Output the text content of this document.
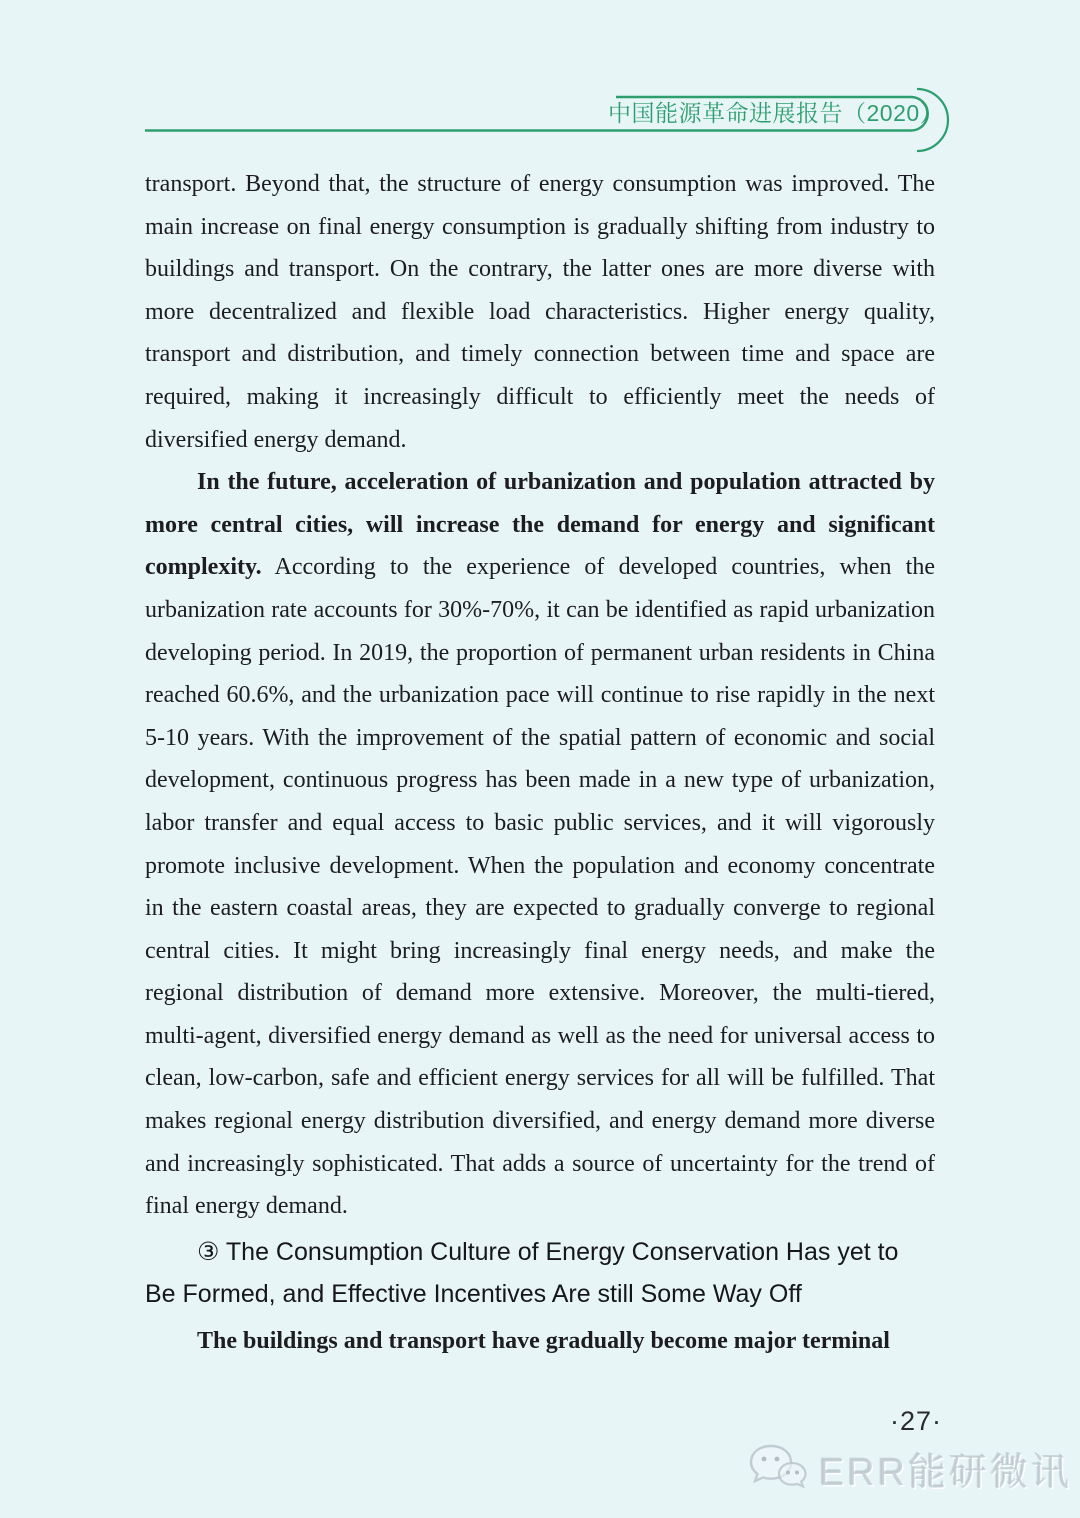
中国能源革命进展报告（2020）

transport. Beyond that, the structure of energy consumption was improved. The main increase on final energy consumption is gradually shifting from industry to buildings and transport. On the contrary, the latter ones are more diverse with more decentralized and flexible load characteristics. Higher energy quality, transport and distribution, and timely connection between time and space are required, making it increasingly difficult to efficiently meet the needs of diversified energy demand.

In the future, acceleration of urbanization and population attracted by more central cities, will increase the demand for energy and significant complexity. According to the experience of developed countries, when the urbanization rate accounts for 30%-70%, it can be identified as rapid urbanization developing period. In 2019, the proportion of permanent urban residents in China reached 60.6%, and the urbanization pace will continue to rise rapidly in the next 5-10 years. With the improvement of the spatial pattern of economic and social development, continuous progress has been made in a new type of urbanization, labor transfer and equal access to basic public services, and it will vigorously promote inclusive development. When the population and economy concentrate in the eastern coastal areas, they are expected to gradually converge to regional central cities. It might bring increasingly final energy needs, and make the regional distribution of demand more extensive. Moreover, the multi-tiered, multi-agent, diversified energy demand as well as the need for universal access to clean, low-carbon, safe and efficient energy services for all will be fulfilled. That makes regional energy distribution diversified, and energy demand more diverse and increasingly sophisticated. That adds a source of uncertainty for the trend of final energy demand.

③ The Consumption Culture of Energy Conservation Has yet to Be Formed, and Effective Incentives Are still Some Way Off

The buildings and transport have gradually become major terminal

·27·
ERR能研微讯
